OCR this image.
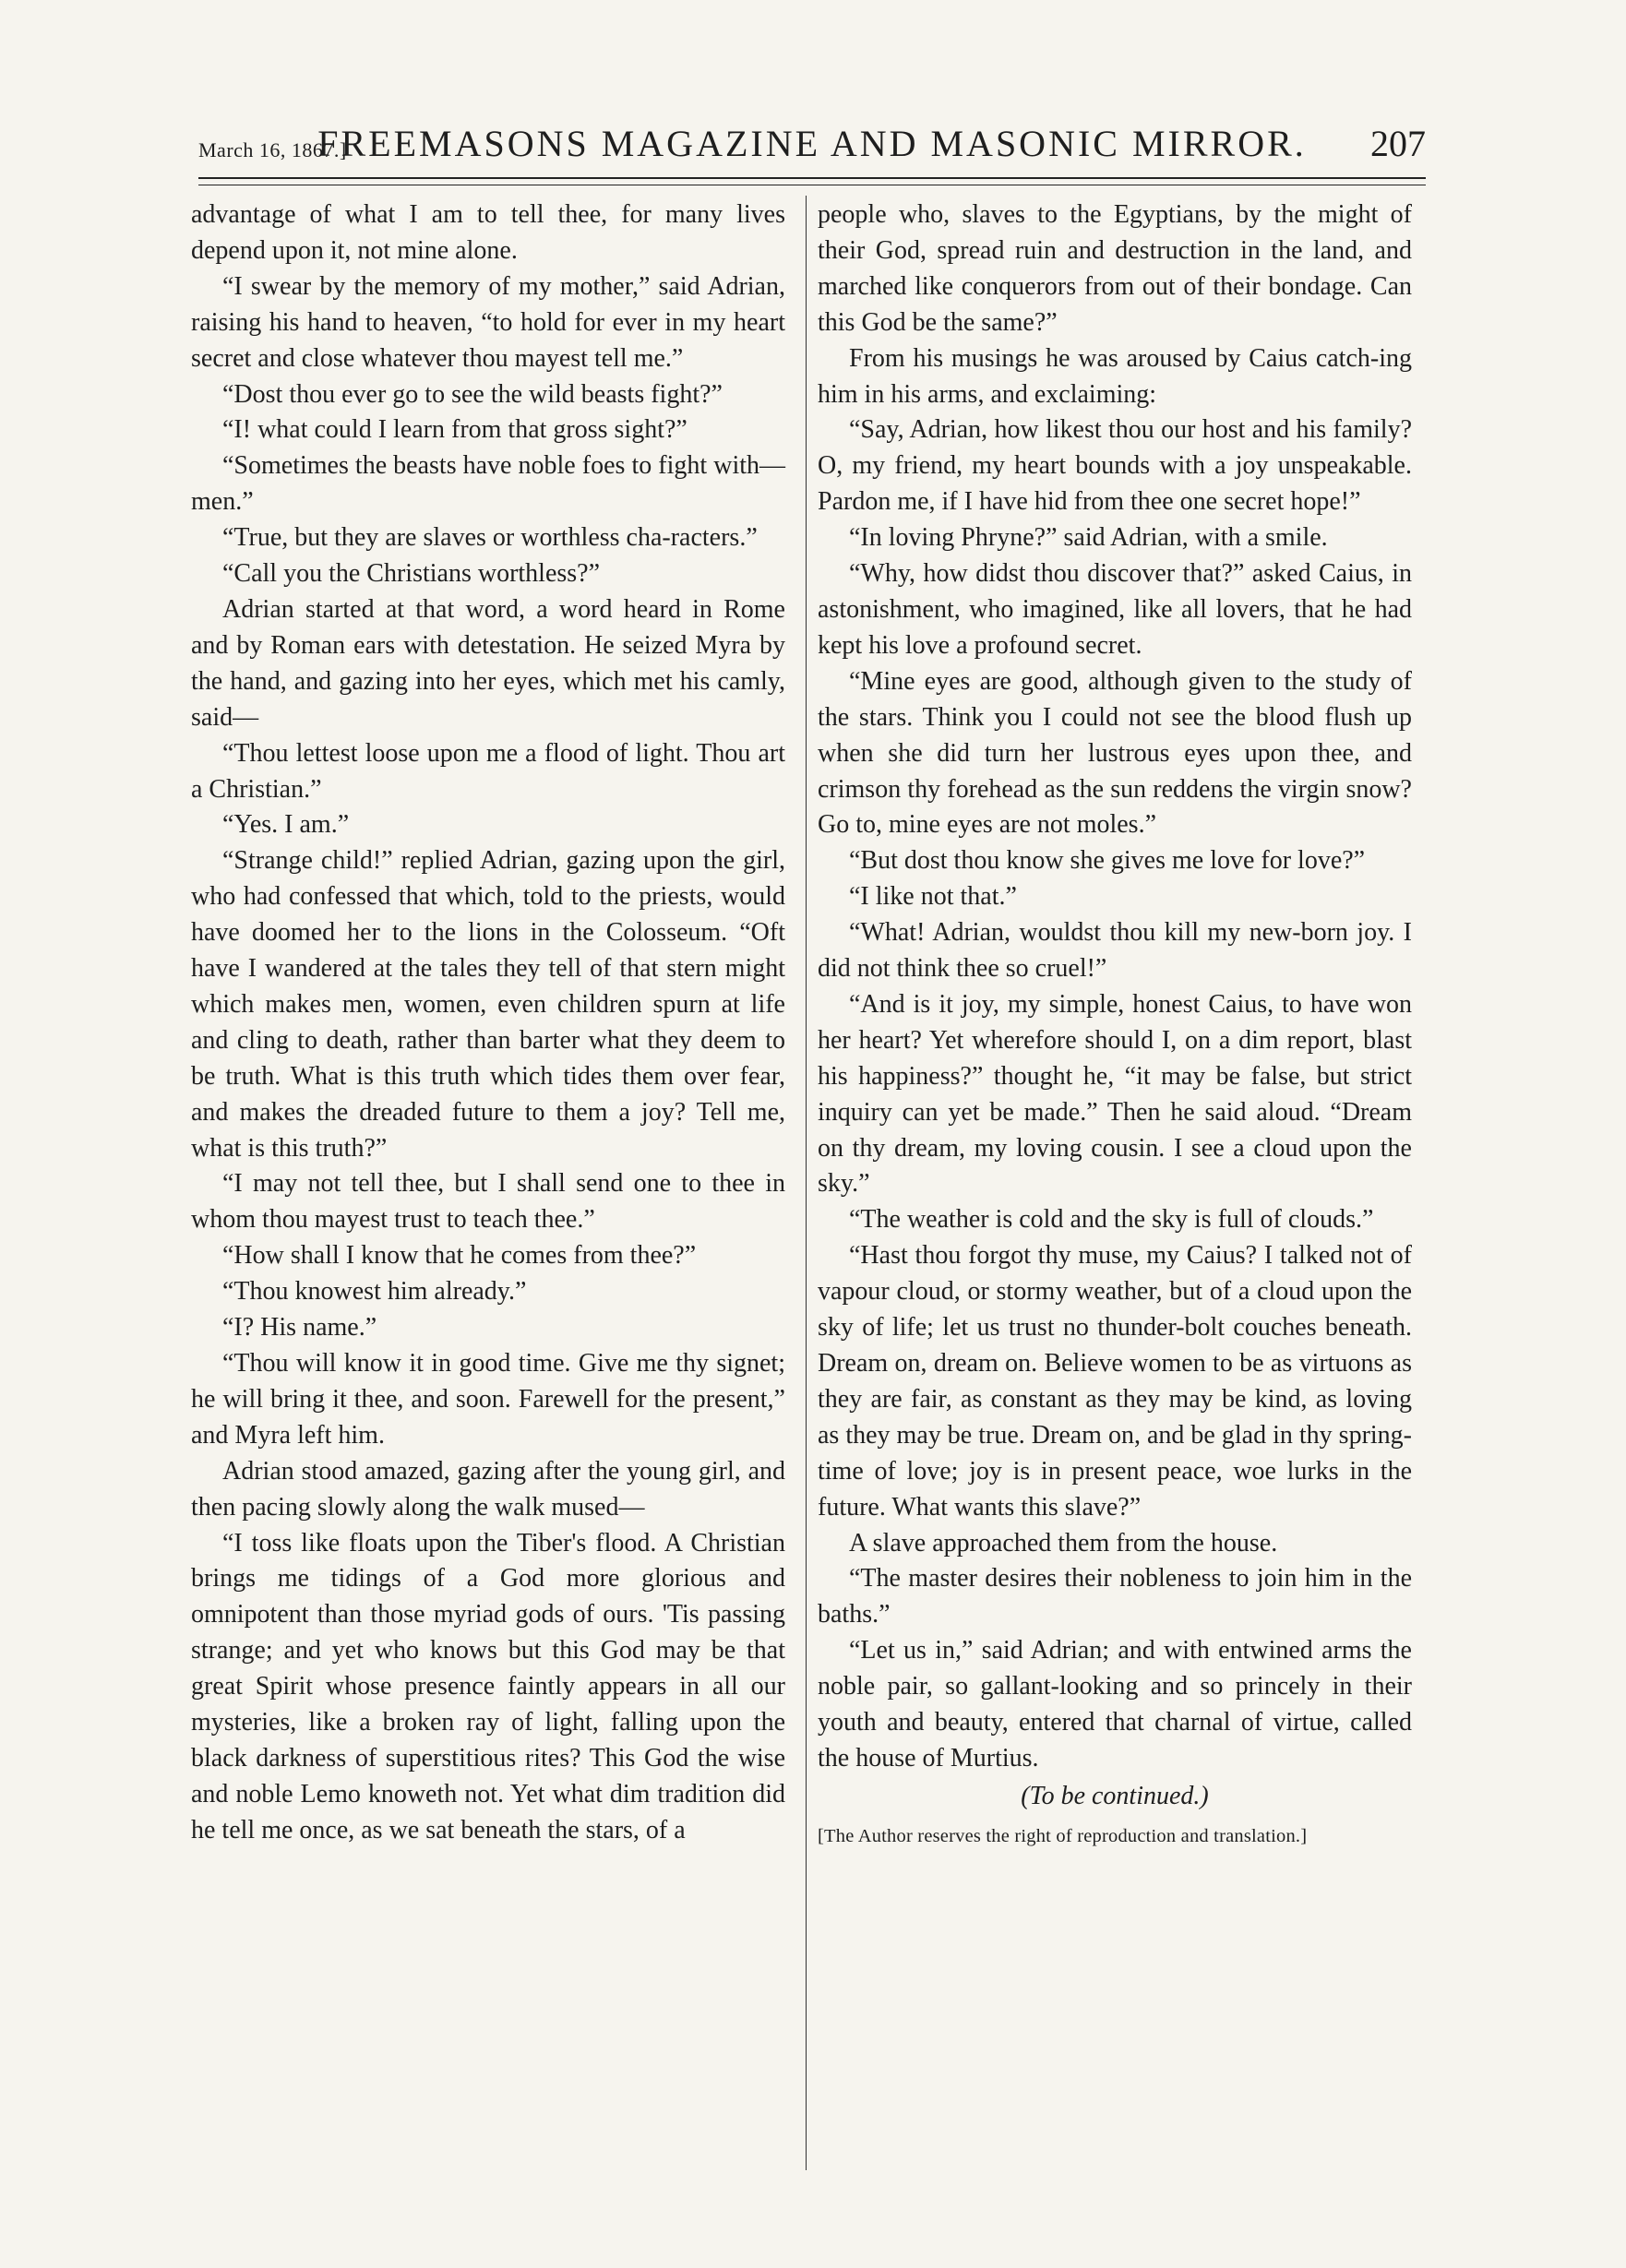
March 16, 1867.]
FREEMASONS MAGAZINE AND MASONIC MIRROR.	207

advantage of what I am to tell thee, for many lives depend upon it, not mine alone.

“I swear by the memory of my mother,” said Adrian, raising his hand to heaven, “to hold for ever in my heart secret and close whatever thou mayest tell me.”

“Dost thou ever go to see the wild beasts fight?”

“I! what could I learn from that gross sight?”

“Sometimes the beasts have noble foes to fight with—men.”

“True, but they are slaves or worthless cha-racters.”

“Call you the Christians worthless?”

Adrian started at that word, a word heard in Rome and by Roman ears with detestation. He seized Myra by the hand, and gazing into her eyes, which met his camly, said—

“Thou lettest loose upon me a flood of light. Thou art a Christian.”

“Yes. I am.”

“Strange child!” replied Adrian, gazing upon the girl, who had confessed that which, told to the priests, would have doomed her to the lions in the Colosseum. “Oft have I wandered at the tales they tell of that stern might which makes men, women, even children spurn at life and cling to death, rather than barter what they deem to be truth. What is this truth which tides them over fear, and makes the dreaded future to them a joy? Tell me, what is this truth?”

“I may not tell thee, but I shall send one to thee in whom thou mayest trust to teach thee.”

“How shall I know that he comes from thee?”

“Thou knowest him already.”

“I? His name.”

“Thou will know it in good time. Give me thy signet; he will bring it thee, and soon. Farewell for the present,” and Myra left him.

Adrian stood amazed, gazing after the young girl, and then pacing slowly along the walk mused—

“I toss like floats upon the Tiber's flood. A Christian brings me tidings of a God more glorious and omnipotent than those myriad gods of ours. 'Tis passing strange; and yet who knows but this God may be that great Spirit whose presence faintly appears in all our mysteries, like a broken ray of light, falling upon the black darkness of superstitious rites? This God the wise and noble Lemo knoweth not. Yet what dim tradition did he tell me once, as we sat beneath the stars, of a

people who, slaves to the Egyptians, by the might of their God, spread ruin and destruction in the land, and marched like conquerors from out of their bondage. Can this God be the same?”

From his musings he was aroused by Caius catch-ing him in his arms, and exclaiming:

“Say, Adrian, how likest thou our host and his family? O, my friend, my heart bounds with a joy unspeakable. Pardon me, if I have hid from thee one secret hope!”

“In loving Phryne?” said Adrian, with a smile.

“Why, how didst thou discover that?” asked Caius, in astonishment, who imagined, like all lovers, that he had kept his love a profound secret.

“Mine eyes are good, although given to the study of the stars. Think you I could not see the blood flush up when she did turn her lustrous eyes upon thee, and crimson thy forehead as the sun reddens the virgin snow? Go to, mine eyes are not moles.”

“But dost thou know she gives me love for love?”

“I like not that.”

“What! Adrian, wouldst thou kill my new-born joy. I did not think thee so cruel!”

“And is it joy, my simple, honest Caius, to have won her heart? Yet wherefore should I, on a dim report, blast his happiness?” thought he, “it may be false, but strict inquiry can yet be made.” Then he said aloud. “Dream on thy dream, my loving cousin. I see a cloud upon the sky.”

“The weather is cold and the sky is full of clouds.”

“Hast thou forgot thy muse, my Caius? I talked not of vapour cloud, or stormy weather, but of a cloud upon the sky of life; let us trust no thunder-bolt couches beneath. Dream on, dream on. Believe women to be as virtuons as they are fair, as constant as they may be kind, as loving as they may be true. Dream on, and be glad in thy spring-time of love; joy is in present peace, woe lurks in the future. What wants this slave?”

A slave approached them from the house.

“The master desires their nobleness to join him in the baths.”

“Let us in,” said Adrian; and with entwined arms the noble pair, so gallant-looking and so princely in their youth and beauty, entered that charnal of virtue, called the house of Murtius.

(To be continued.)

[The Author reserves the right of reproduction and translation.]
